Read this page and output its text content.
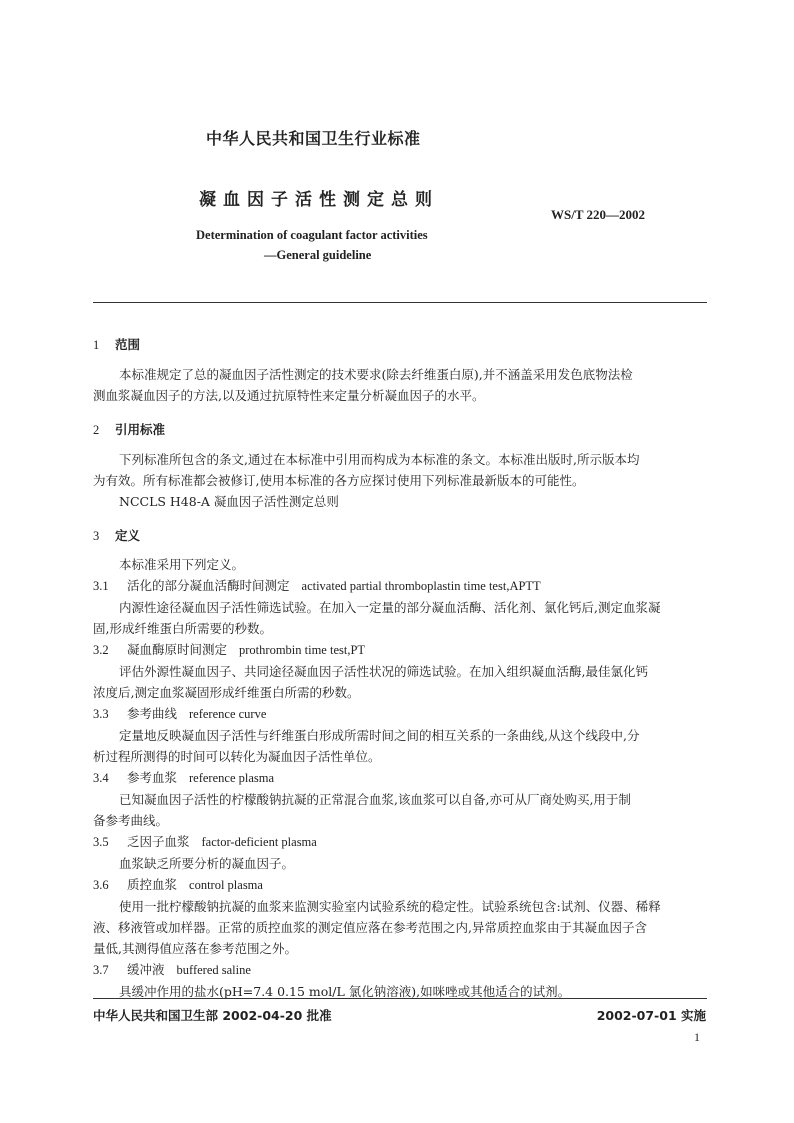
中华人民共和国卫生行业标准
凝血因子活性测定总则
WS/T 220—2002
Determination of coagulant factor activities
—General guideline
1 范围

本标准规定了总的凝血因子活性测定的技术要求(除去纤维蛋白原),并不涵盖采用发色底物法检

测血浆凝血因子的方法,以及通过抗原特性来定量分析凝血因子的水平。

2 引用标准

下列标准所包含的条文,通过在本标准中引用而构成为本标准的条文。本标准出版时,所示版本均

为有效。所有标准都会被修订,使用本标准的各方应探讨使用下列标准最新版本的可能性。

NCCLS H48-A 凝血因子活性测定总则

3 定义

本标准采用下列定义。

3.1 活化的部分凝血活酶时间测定 activated partial thromboplastin time test,APTT

内源性途径凝血因子活性筛选试验。在加入一定量的部分凝血活酶、活化剂、氯化钙后,测定血浆凝

固,形成纤维蛋白所需要的秒数。

3.2 凝血酶原时间测定 prothrombin time test,PT

评估外源性凝血因子、共同途径凝血因子活性状况的筛选试验。在加入组织凝血活酶,最佳氯化钙

浓度后,测定血浆凝固形成纤维蛋白所需的秒数。

3.3 参考曲线 reference curve

定量地反映凝血因子活性与纤维蛋白形成所需时间之间的相互关系的一条曲线,从这个线段中,分

析过程所测得的时间可以转化为凝血因子活性单位。

3.4 参考血浆 reference plasma

已知凝血因子活性的柠檬酸钠抗凝的正常混合血浆,该血浆可以自备,亦可从厂商处购买,用于制

备参考曲线。

3.5 乏因子血浆 factor-deficient plasma

血浆缺乏所要分析的凝血因子。

3.6 质控血浆 control plasma

使用一批柠檬酸钠抗凝的血浆来监测实验室内试验系统的稳定性。试验系统包含:试剂、仪器、稀释

液、移液管或加样器。正常的质控血浆的测定值应落在参考范围之内,异常质控血浆由于其凝血因子含

量低,其测得值应落在参考范围之外。

3.7 缓冲液 buffered saline

具缓冲作用的盐水(pH=7.4 0.15 mol/L 氯化钠溶液),如咪唑或其他适合的试剂。

中华人民共和国卫生部 2002-04-20 批准	2002-07-01 实施
1
